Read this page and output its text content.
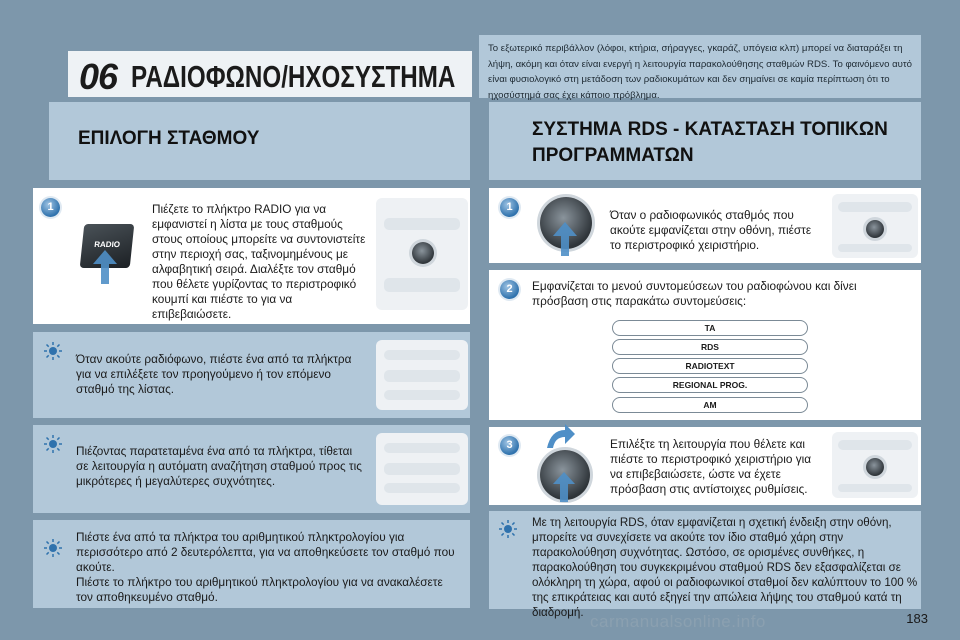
06 ΡΑΔΙΟΦΩΝΟ/ΗΧΟΣΥΣΤΗΜΑ
Το εξωτερικό περιβάλλον (λόφοι, κτήρια, σήραγγες, γκαράζ, υπόγεια κλπ) μπορεί να διαταράξει τη λήψη, ακόμη και όταν είναι ενεργή η λειτουργία παρακολούθησης σταθμών RDS. Το φαινόμενο αυτό είναι φυσιολογικό στη μετάδοση των ραδιοκυμάτων και δεν σημαίνει σε καμία περίπτωση ότι το ηχοσύστημά σας έχει κάποιο πρόβλημα.
ΕΠΙΛΟΓΗ ΣΤΑΘΜΟΥ
1
RADIO
Πιέζετε το πλήκτρο RADIO για να εμφανιστεί η λίστα με τους σταθμούς στους οποίους μπορείτε να συντονιστείτε στην περιοχή σας, ταξινομημένους με αλφαβητική σειρά. Διαλέξτε τον σταθμό που θέλετε γυρίζοντας το περιστροφικό κουμπί και πιέστε το για να επιβεβαιώσετε.
Όταν ακούτε ραδιόφωνο, πιέστε ένα από τα πλήκτρα για να επιλέξετε τον προηγούμενο ή τον επόμενο σταθμό της λίστας.
Πιέζοντας παρατεταμένα ένα από τα πλήκτρα, τίθεται σε λειτουργία η αυτόματη αναζήτηση σταθμού προς τις μικρότερες ή μεγαλύτερες συχνότητες.
Πιέστε ένα από τα πλήκτρα του αριθμητικού πληκτρολογίου για περισσότερο από 2 δευτερόλεπτα, για να αποθηκεύσετε τον σταθμό που ακούτε.
Πιέστε το πλήκτρο του αριθμητικού πληκτρολογίου για να ανακαλέσετε τον αποθηκευμένο σταθμό.
ΣΥΣΤΗΜΑ RDS - ΚΑΤΑΣΤΑΣΗ ΤΟΠΙΚΩΝ ΠΡΟΓΡΑΜΜΑΤΩΝ
1
Όταν ο ραδιοφωνικός σταθμός που ακούτε εμφανίζεται στην οθόνη, πιέστε το περιστροφικό χειριστήριο.
2	Εμφανίζεται το μενού συντομεύσεων του ραδιοφώνου και δίνει πρόσβαση στις παρακάτω συντομεύσεις:
TA
RDS
RADIOTEXT
REGIONAL PROG.
AM
3	Επιλέξτε τη λειτουργία που θέλετε και πιέστε το περιστροφικό χειριστήριο για να επιβεβαιώσετε, ώστε να έχετε πρόσβαση στις αντίστοιχες ρυθμίσεις.
Με τη λειτουργία RDS, όταν εμφανίζεται η σχετική ένδειξη στην οθόνη, μπορείτε να συνεχίσετε να ακούτε τον ίδιο σταθμό χάρη στην παρακολούθηση συχνότητας. Ωστόσο, σε ορισμένες συνθήκες, η παρακολούθηση του συγκεκριμένου σταθμού RDS δεν εξασφαλίζεται σε ολόκληρη τη χώρα, αφού οι ραδιοφωνικοί σταθμοί δεν καλύπτουν το 100 % της επικράτειας και αυτό εξηγεί την απώλεια λήψης του σταθμού κατά τη διαδρομή. carmanualsonline.info	183
